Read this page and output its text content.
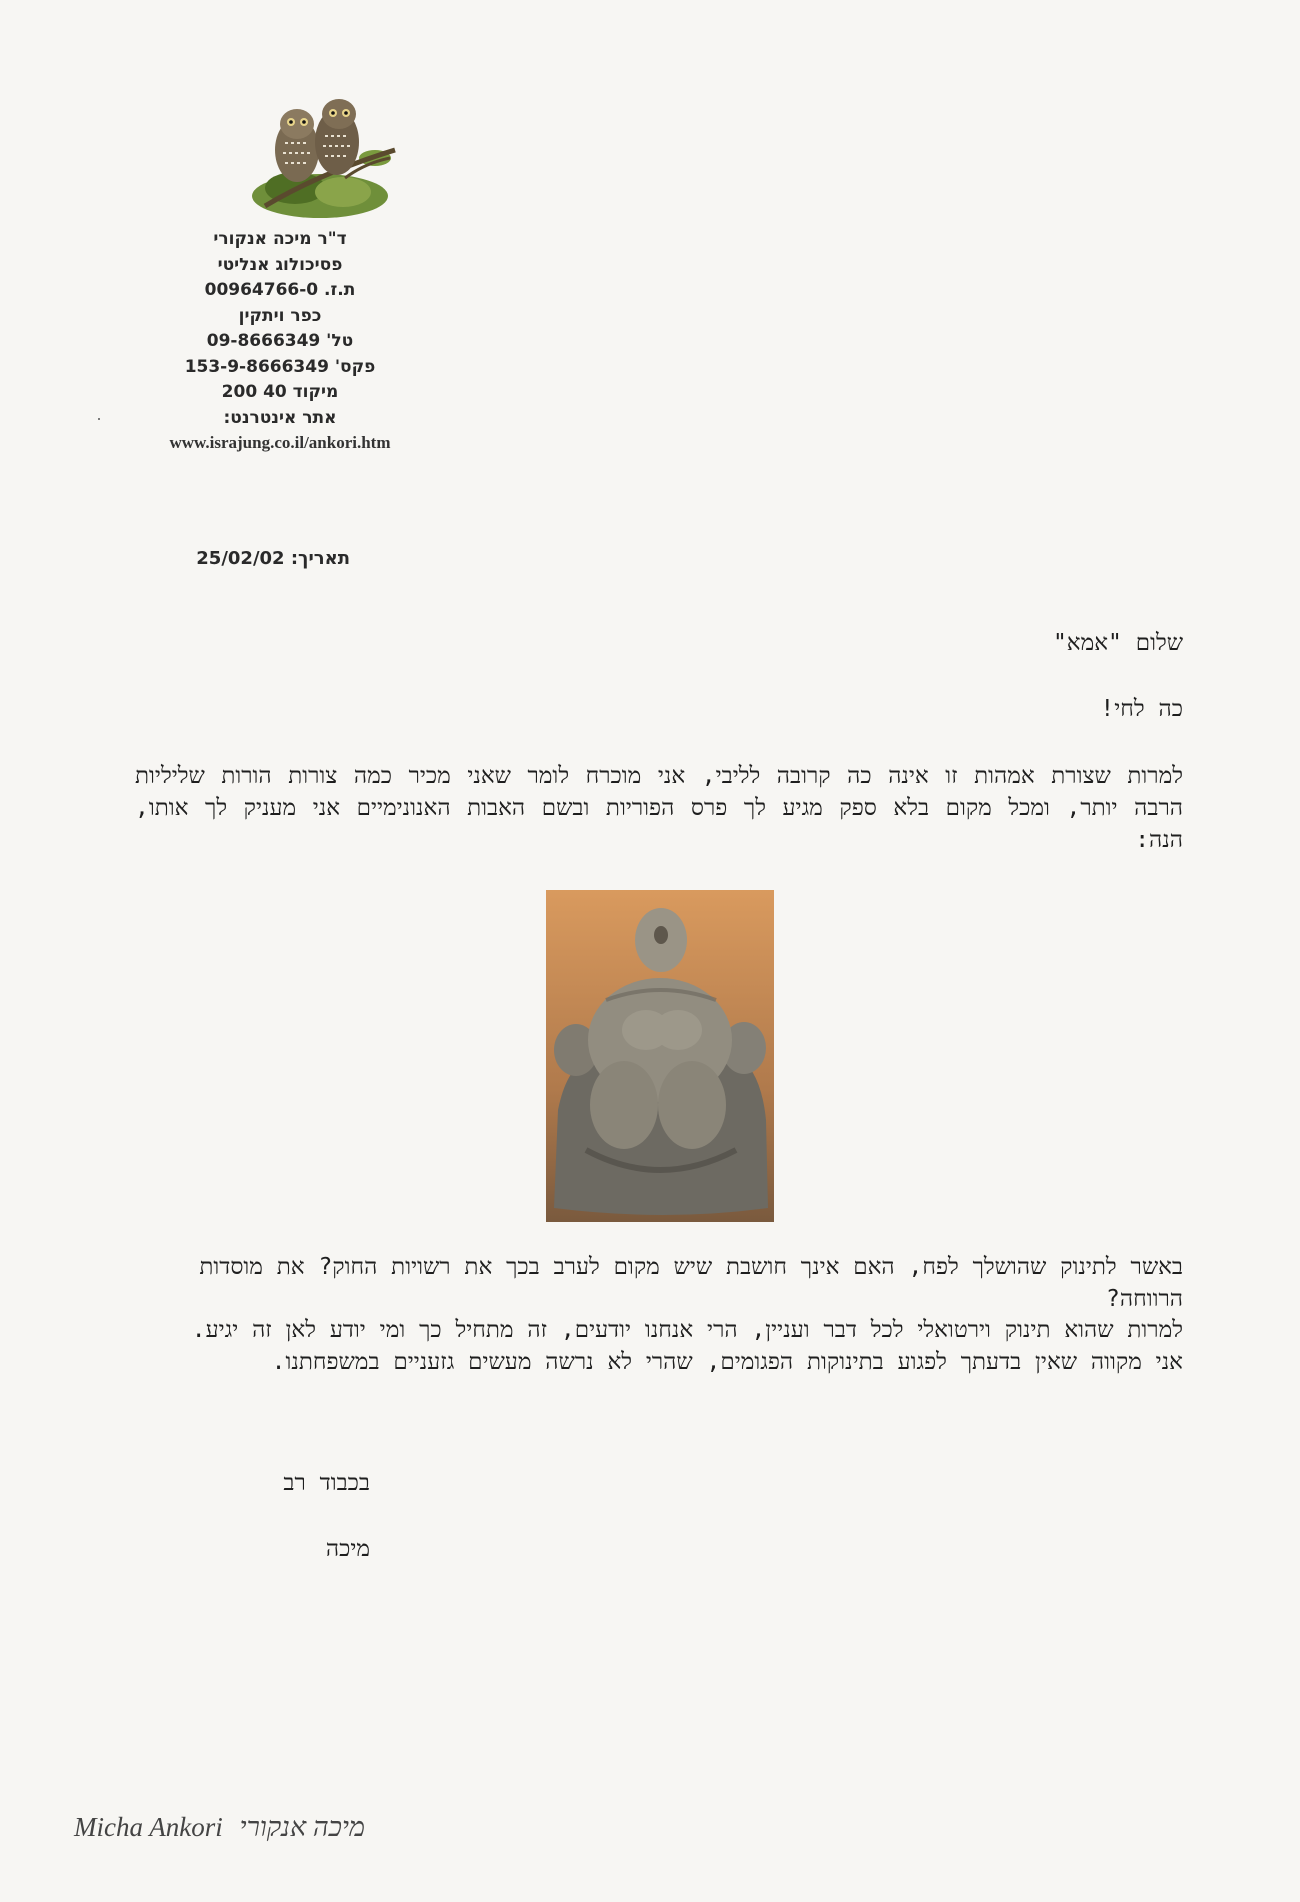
ד"ר מיכה אנקורי
פסיכולוג אנליטי
ת.ז. 00964766-0
כפר ויתקין
טל' 09-8666349
פקס' 153-9-8666349
מיקוד 40 200
אתר אינטרנט:
www.israjung.co.il/ankori.htm
תאריך: 25/02/02
שלום "אמא"
כה לחי!
למרות שצורת אמהות זו אינה כה קרובה לליבי, אני מוכרח לומר שאני מכיר כמה צורות הורות שליליות הרבה יותר, ומכל מקום בלא ספק מגיע לך פרס הפוריות ובשם האבות האנונימיים אני מעניק לך אותו, הנה:

באשר לתינוק שהושלך לפח, האם אינך חושבת שיש מקום לערב בכך את רשויות החוק? את מוסדות הרווחה?

למרות שהוא תינוק וירטואלי לכל דבר ועניין, הרי אנחנו יודעים, זה מתחיל כך ומי יודע לאן זה יגיע.

אני מקווה שאין בדעתך לפגוע בתינוקות הפגומים, שהרי לא נרשה מעשים גזעניים במשפחתנו.

בכבוד רב
מיכה
Micha Ankori מיכה אנקורי
